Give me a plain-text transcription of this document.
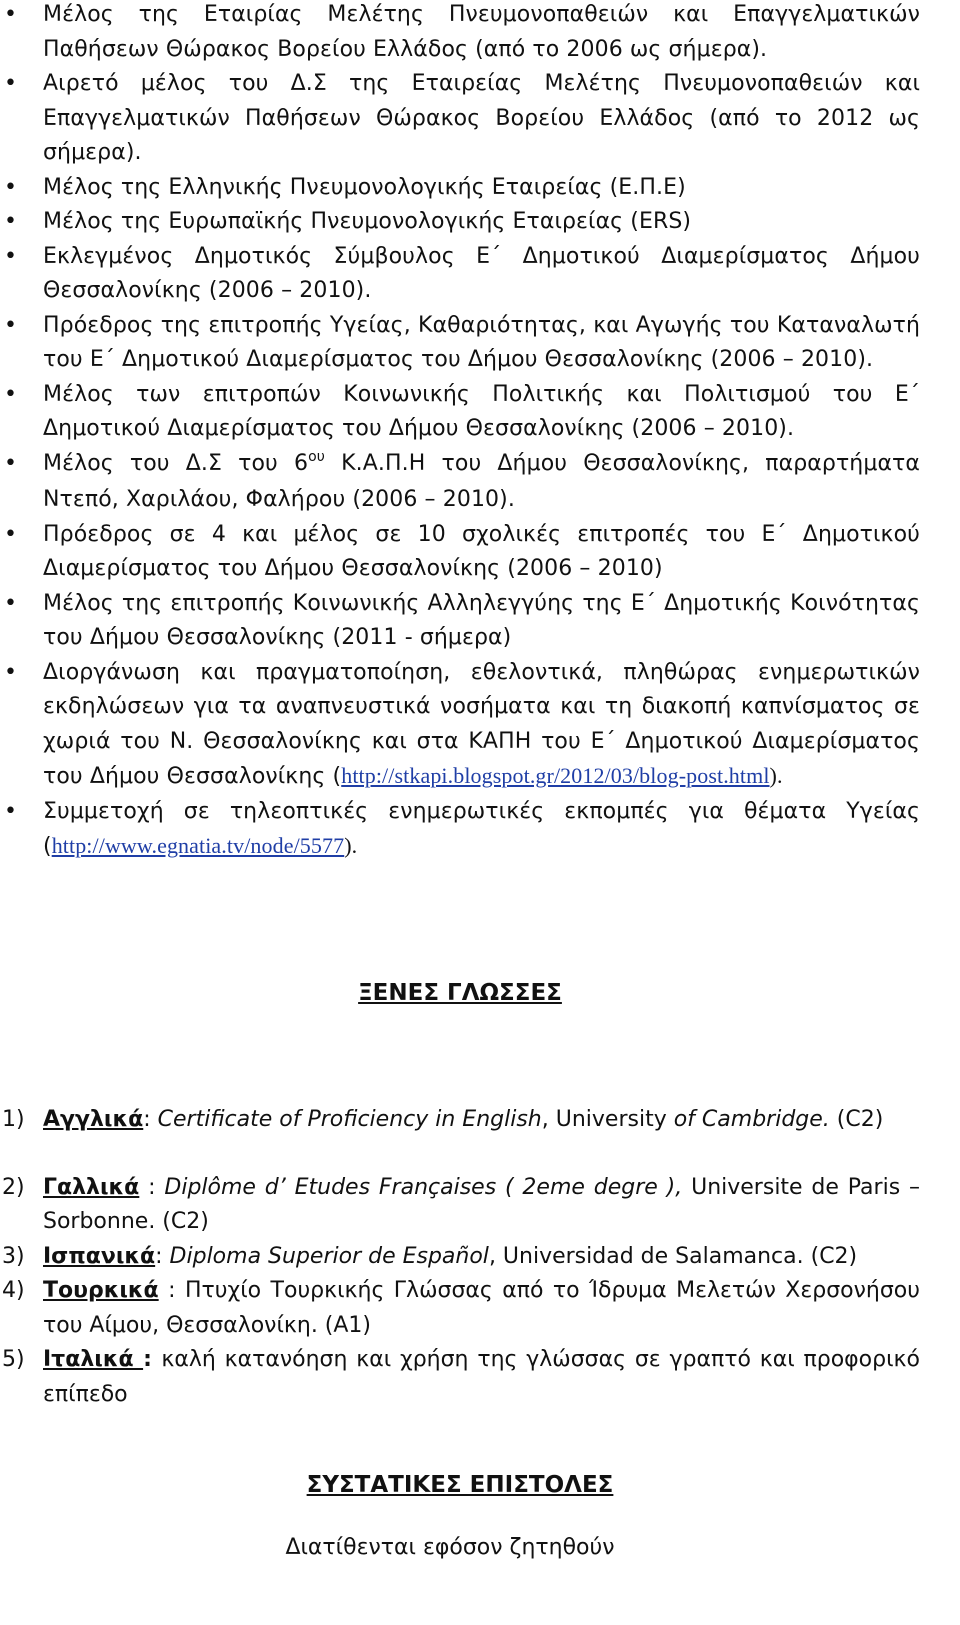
• Μέλος της Εταιρίας Μελέτης Πνευμονοπαθειών και Επαγγελματικών Παθήσεων Θώρακος Βορείου Ελλάδος (από το 2006 ως σήμερα).
• Αιρετό μέλος του Δ.Σ της Εταιρείας Μελέτης Πνευμονοπαθειών και Επαγγελματικών Παθήσεων Θώρακος Βορείου Ελλάδος (από το 2012 ως σήμερα).
• Μέλος της Ελληνικής Πνευμονολογικής Εταιρείας (Ε.Π.Ε)
• Μέλος της Ευρωπαϊκής Πνευμονολογικής Εταιρείας (ERS)
• Εκλεγμένος Δημοτικός Σύμβουλος Ε΄ Δημοτικού Διαμερίσματος Δήμου Θεσσαλονίκης (2006 – 2010).
• Πρόεδρος της επιτροπής Υγείας, Καθαριότητας, και Αγωγής του Καταναλωτή του Ε΄ Δημοτικού Διαμερίσματος του Δήμου Θεσσαλονίκης (2006 – 2010).
• Μέλος των επιτροπών Κοινωνικής Πολιτικής και Πολιτισμού του Ε΄ Δημοτικού Διαμερίσματος του Δήμου Θεσσαλονίκης (2006 – 2010).
• Μέλος του Δ.Σ του $6^{o\upsilon}$ Κ.Α.Π.Η του Δήμου Θεσσαλονίκης, παραρτήματα Ντεπό, Χαριλάου, Φαλήρου (2006 – 2010).
• Πρόεδρος σε 4 και μέλος σε 10 σχολικές επιτροπές του Ε΄ Δημοτικού Διαμερίσματος του Δήμου Θεσσαλονίκης (2006 – 2010)
• Μέλος της επιτροπής Κοινωνικής Αλληλεγγύης της Ε΄ Δημοτικής Κοινότητας του Δήμου Θεσσαλονίκης (2011 - σήμερα)
• Διοργάνωση και πραγματοποίηση, εθελοντικά, πληθώρας ενημερωτικών εκδηλώσεων για τα αναπνευστικά νοσήματα και τη διακοπή καπνίσματος σε χωριά του Ν. Θεσσαλονίκης και στα ΚΑΠΗ του Ε΄ Δημοτικού Διαμερίσματος του Δήμου Θεσσαλονίκης (http://stkapi.blogspot.gr/2012/03/blog-post.html).
• Συμμετοχή σε τηλεοπτικές ενημερωτικές εκπομπές για θέματα Υγείας (http://www.egnatia.tv/node/5577).
ΞΕΝΕΣ ΓΛΩΣΣΕΣ
1) Αγγλικά: Certificate of Proficiency in English, University of Cambridge. (C2)
2) Γαλλικά : Diplôme d’ Etudes Françaises ( 2eme degre ), Universite de Paris – Sorbonne. (C2)
3) Ισπανικά: Diploma Superior de Español, Universidad de Salamanca. (C2)
4) Τουρκικά : Πτυχίο Τουρκικής Γλώσσας από το Ίδρυμα Μελετών Χερσονήσου του Αίμου, Θεσσαλονίκη. (Α1)
5) Ιταλικά : καλή κατανόηση και χρήση της γλώσσας σε γραπτό και προφορικό επίπεδο
ΣΥΣΤΑΤΙΚΕΣ ΕΠΙΣΤΟΛΕΣ
Διατίθενται εφόσον ζητηθούν
